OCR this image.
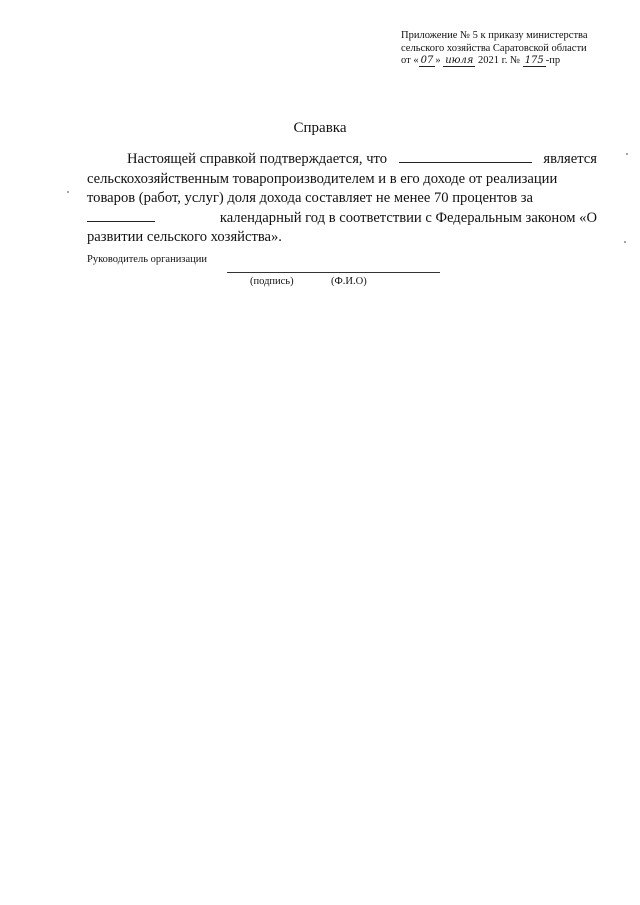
Приложение № 5 к приказу министерства
сельского хозяйства Саратовской области
от « 07 » июля 2021 г. № 175 -пр
Справка
Настоящей справкой подтверждается, что	является
сельскохозяйственным товаропроизводителем и в его доходе от реализации
товаров (работ, услуг) доля дохода составляет не менее 70 процентов за
календарный год в соответствии с Федеральным законом «О
развитии сельского хозяйства».
Руководитель организации
(подпись)	(Ф.И.О)
